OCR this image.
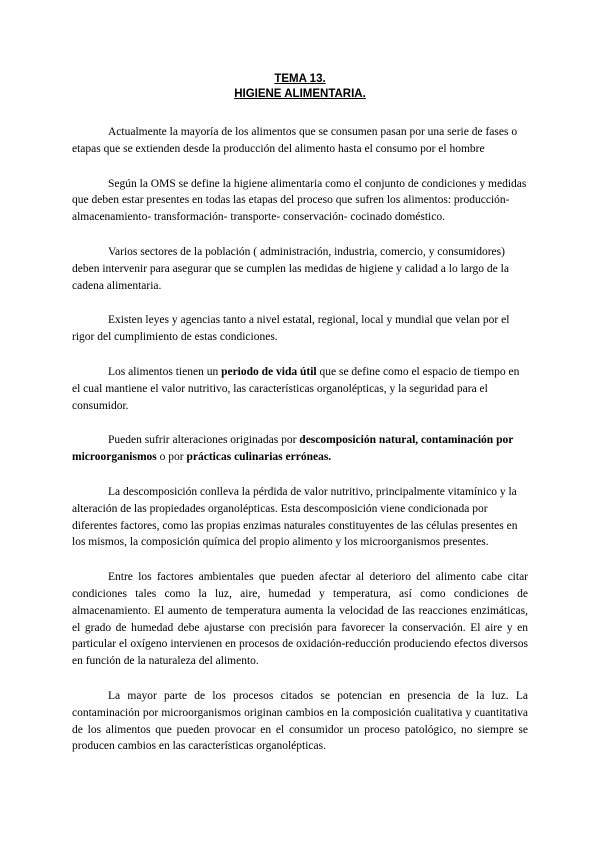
TEMA 13.
HIGIENE ALIMENTARIA.

Actualmente la mayoría de los alimentos que se consumen pasan por una serie de fases o etapas que se extienden desde la producción del alimento hasta el consumo por el hombre

Según la OMS se define la higiene alimentaria como el conjunto de condiciones y medidas que deben estar presentes en todas las etapas del proceso que sufren los alimentos: producción- almacenamiento- transformación- transporte- conservación- cocinado doméstico.

Varios sectores de la población ( administración, industria, comercio, y consumidores) deben intervenir para asegurar que se cumplen las medidas de higiene y calidad a lo largo de la cadena alimentaria.

Existen leyes y agencias tanto a nivel estatal, regional, local y mundial que velan por el rigor del cumplimiento de estas condiciones.

Los alimentos tienen un periodo de vida útil que se define como el espacio de tiempo en el cual mantiene el valor nutritivo, las características organolépticas, y la seguridad para el consumidor.

Pueden sufrir alteraciones originadas por descomposición natural, contaminación por microorganismos o por prácticas culinarias erróneas.

La descomposición conlleva la pérdida de valor nutritivo, principalmente vitamínico y la alteración de las propiedades organolépticas. Esta descomposición viene condicionada por diferentes factores, como las propias enzimas naturales constituyentes de las células presentes en los mismos, la composición química del propio alimento y los microorganismos presentes.

Entre los factores ambientales que pueden afectar al deterioro del alimento cabe citar condiciones tales como la luz, aire, humedad y temperatura, así como condiciones de almacenamiento. El aumento de temperatura aumenta la velocidad de las reacciones enzimáticas, el grado de humedad debe ajustarse con precisión para favorecer la conservación. El aire y en particular el oxígeno intervienen en procesos de oxidación-reducción produciendo efectos diversos en función de la naturaleza del alimento.

La mayor parte de los procesos citados se potencian en presencia de la luz. La contaminación por microorganismos originan cambios en la composición cualitativa y cuantitativa de los alimentos que pueden provocar en el consumidor un proceso patológico, no siempre se producen cambios en las características organolépticas.
